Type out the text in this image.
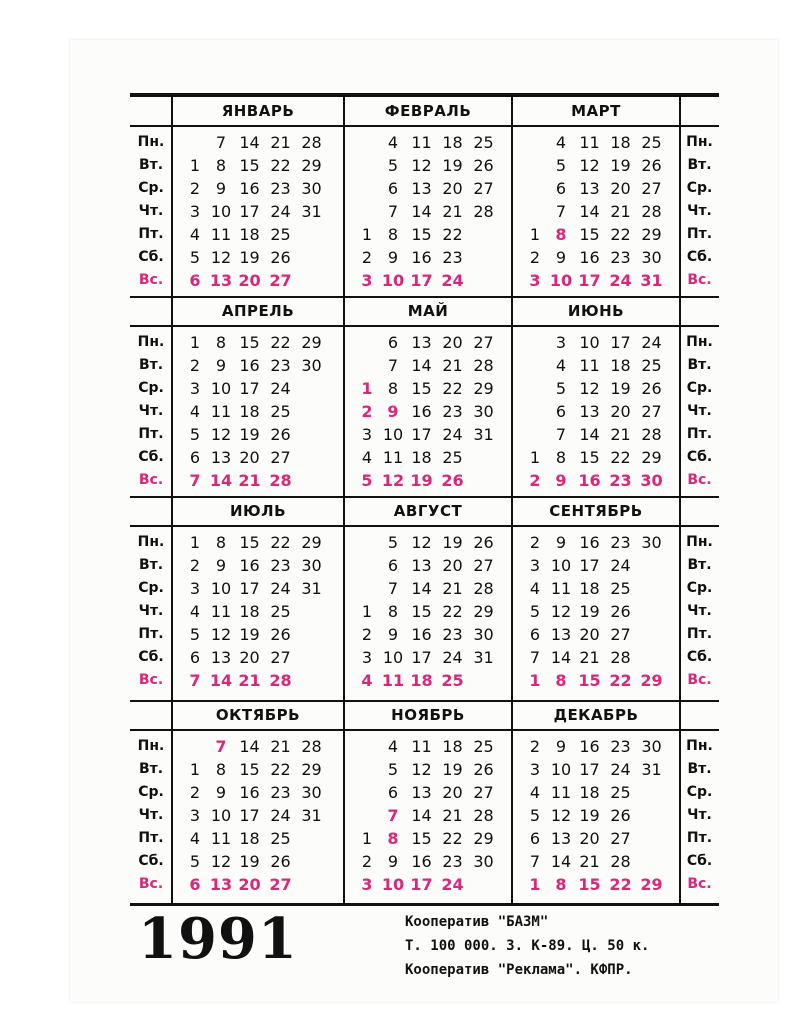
Пн.
Вт.
Ср.
Чт.
Пт.
Сб.
Вс.
Пн.
Вт.
Ср.
Чт.
Пт.
Сб.
Вс.
Пн.
Вт.
Ср.
Чт.
Пт.
Сб.
Вс.
Пн.
Вт.
Ср.
Чт.
Пт.
Сб.
Вс.
Пн.
Вт.
Ср.
Чт.
Пт.
Сб.
Вс.
Пн.
Вт.
Ср.
Чт.
Пт.
Сб.
Вс.
Пн.
Вт.
Ср.
Чт.
Пт.
Сб.
Вс.
Пн.
Вт.
Ср.
Чт.
Пт.
Сб.
Вс.
ЯНВАРЬ
7 14 21 28
1 8 15 22 29
2 9 16 23 30
3 10 17 24 31
4 11 18 25
5 12 19 26
6 13 20 27
ФЕВРАЛЬ
4 11 18 25
5 12 19 26
6 13 20 27
7 14 21 28
1 8 15 22
2 9 16 23
3 10 17 24
МАРТ
4 11 18 25
5 12 19 26
6 13 20 27
7 14 21 28
1 8 15 22 29
2 9 16 23 30
3 10 17 24 31
АПРЕЛЬ
1 8 15 22 29
2 9 16 23 30
3 10 17 24
4 11 18 25
5 12 19 26
6 13 20 27
7 14 21 28
МАЙ
6 13 20 27
7 14 21 28
1 8 15 22 29
2 9 16 23 30
3 10 17 24 31
4 11 18 25
5 12 19 26
ИЮНЬ
3 10 17 24
4 11 18 25
5 12 19 26
6 13 20 27
7 14 21 28
1 8 15 22 29
2 9 16 23 30
ИЮЛЬ
1 8 15 22 29
2 9 16 23 30
3 10 17 24 31
4 11 18 25
5 12 19 26
6 13 20 27
7 14 21 28
АВГУСТ
5 12 19 26
6 13 20 27
7 14 21 28
1 8 15 22 29
2 9 16 23 30
3 10 17 24 31
4 11 18 25
СЕНТЯБРЬ
2 9 16 23 30
3 10 17 24
4 11 18 25
5 12 19 26
6 13 20 27
7 14 21 28
1 8 15 22 29
ОКТЯБРЬ
7 14 21 28
1 8 15 22 29
2 9 16 23 30
3 10 17 24 31
4 11 18 25
5 12 19 26
6 13 20 27
НОЯБРЬ
4 11 18 25
5 12 19 26
6 13 20 27
7 14 21 28
1 8 15 22 29
2 9 16 23 30
3 10 17 24
ДЕКАБРЬ
2 9 16 23 30
3 10 17 24 31
4 11 18 25
5 12 19 26
6 13 20 27
7 14 21 28
1 8 15 22 29
1991	Кооператив "БАЗМ"
Т. 100 000. З. К-89. Ц. 50 к.
Кооператив "Реклама". КФПР.
